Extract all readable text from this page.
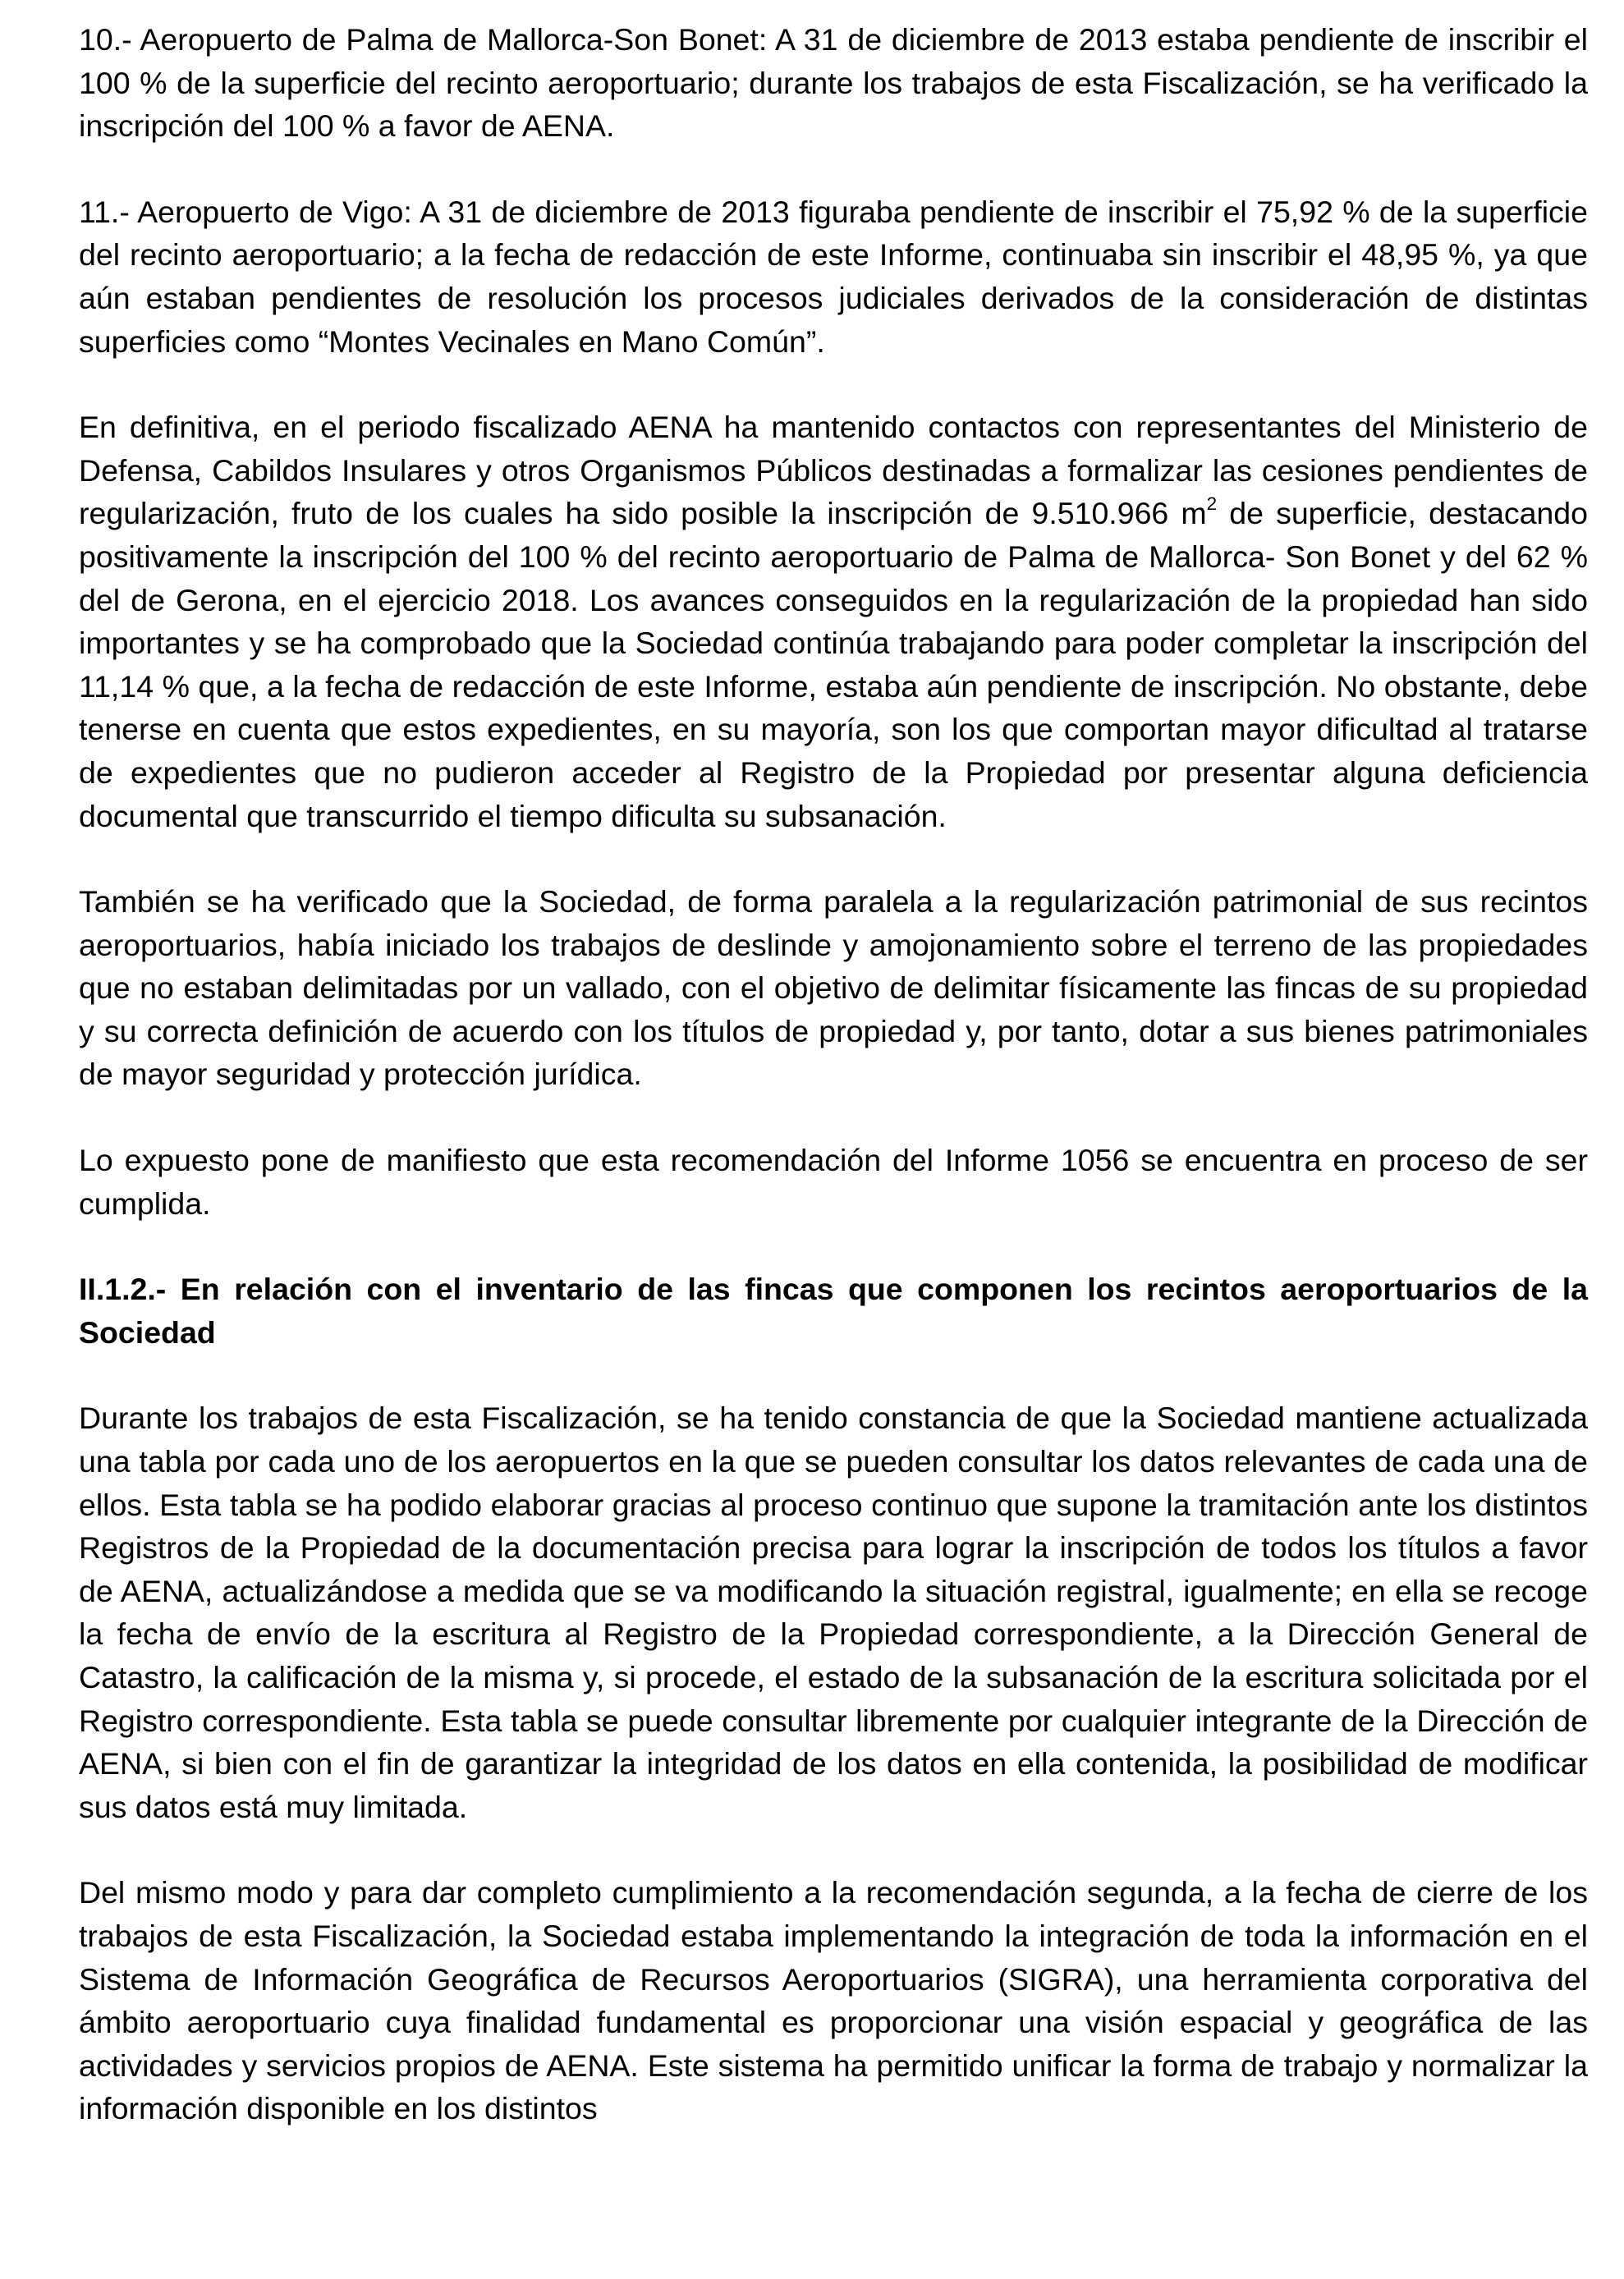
10.- Aeropuerto de Palma de Mallorca-Son Bonet: A 31 de diciembre de 2013 estaba pendiente de inscribir el 100 % de la superficie del recinto aeroportuario; durante los trabajos de esta Fiscalización, se ha verificado la inscripción del 100 % a favor de AENA.

11.- Aeropuerto de Vigo: A 31 de diciembre de 2013 figuraba pendiente de inscribir el 75,92 % de la superficie del recinto aeroportuario; a la fecha de redacción de este Informe, continuaba sin inscribir el 48,95 %, ya que aún estaban pendientes de resolución los procesos judiciales derivados de la consideración de distintas superficies como “Montes Vecinales en Mano Común”.

En definitiva, en el periodo fiscalizado AENA ha mantenido contactos con representantes del Ministerio de Defensa, Cabildos Insulares y otros Organismos Públicos destinadas a formalizar las cesiones pendientes de regularización, fruto de los cuales ha sido posible la inscripción de 9.510.966 $m^2$ de superficie, destacando positivamente la inscripción del 100 % del recinto aeroportuario de Palma de Mallorca- Son Bonet y del 62 % del de Gerona, en el ejercicio 2018. Los avances conseguidos en la regularización de la propiedad han sido importantes y se ha comprobado que la Sociedad continúa trabajando para poder completar la inscripción del 11,14 % que, a la fecha de redacción de este Informe, estaba aún pendiente de inscripción. No obstante, debe tenerse en cuenta que estos expedientes, en su mayoría, son los que comportan mayor dificultad al tratarse de expedientes que no pudieron acceder al Registro de la Propiedad por presentar alguna deficiencia documental que transcurrido el tiempo dificulta su subsanación.

También se ha verificado que la Sociedad, de forma paralela a la regularización patrimonial de sus recintos aeroportuarios, había iniciado los trabajos de deslinde y amojonamiento sobre el terreno de las propiedades que no estaban delimitadas por un vallado, con el objetivo de delimitar físicamente las fincas de su propiedad y su correcta definición de acuerdo con los títulos de propiedad y, por tanto, dotar a sus bienes patrimoniales de mayor seguridad y protección jurídica.

Lo expuesto pone de manifiesto que esta recomendación del Informe 1056 se encuentra en proceso de ser cumplida.

II.1.2.- En relación con el inventario de las fincas que componen los recintos aeroportuarios de la Sociedad

Durante los trabajos de esta Fiscalización, se ha tenido constancia de que la Sociedad mantiene actualizada una tabla por cada uno de los aeropuertos en la que se pueden consultar los datos relevantes de cada una de ellos. Esta tabla se ha podido elaborar gracias al proceso continuo que supone la tramitación ante los distintos Registros de la Propiedad de la documentación precisa para lograr la inscripción de todos los títulos a favor de AENA, actualizándose a medida que se va modificando la situación registral, igualmente; en ella se recoge la fecha de envío de la escritura al Registro de la Propiedad correspondiente, a la Dirección General de Catastro, la calificación de la misma y, si procede, el estado de la subsanación de la escritura solicitada por el Registro correspondiente. Esta tabla se puede consultar libremente por cualquier integrante de la Dirección de AENA, si bien con el fin de garantizar la integridad de los datos en ella contenida, la posibilidad de modificar sus datos está muy limitada.

Del mismo modo y para dar completo cumplimiento a la recomendación segunda, a la fecha de cierre de los trabajos de esta Fiscalización, la Sociedad estaba implementando la integración de toda la información en el Sistema de Información Geográfica de Recursos Aeroportuarios (SIGRA), una herramienta corporativa del ámbito aeroportuario cuya finalidad fundamental es proporcionar una visión espacial y geográfica de las actividades y servicios propios de AENA. Este sistema ha permitido unificar la forma de trabajo y normalizar la información disponible en los distintos
